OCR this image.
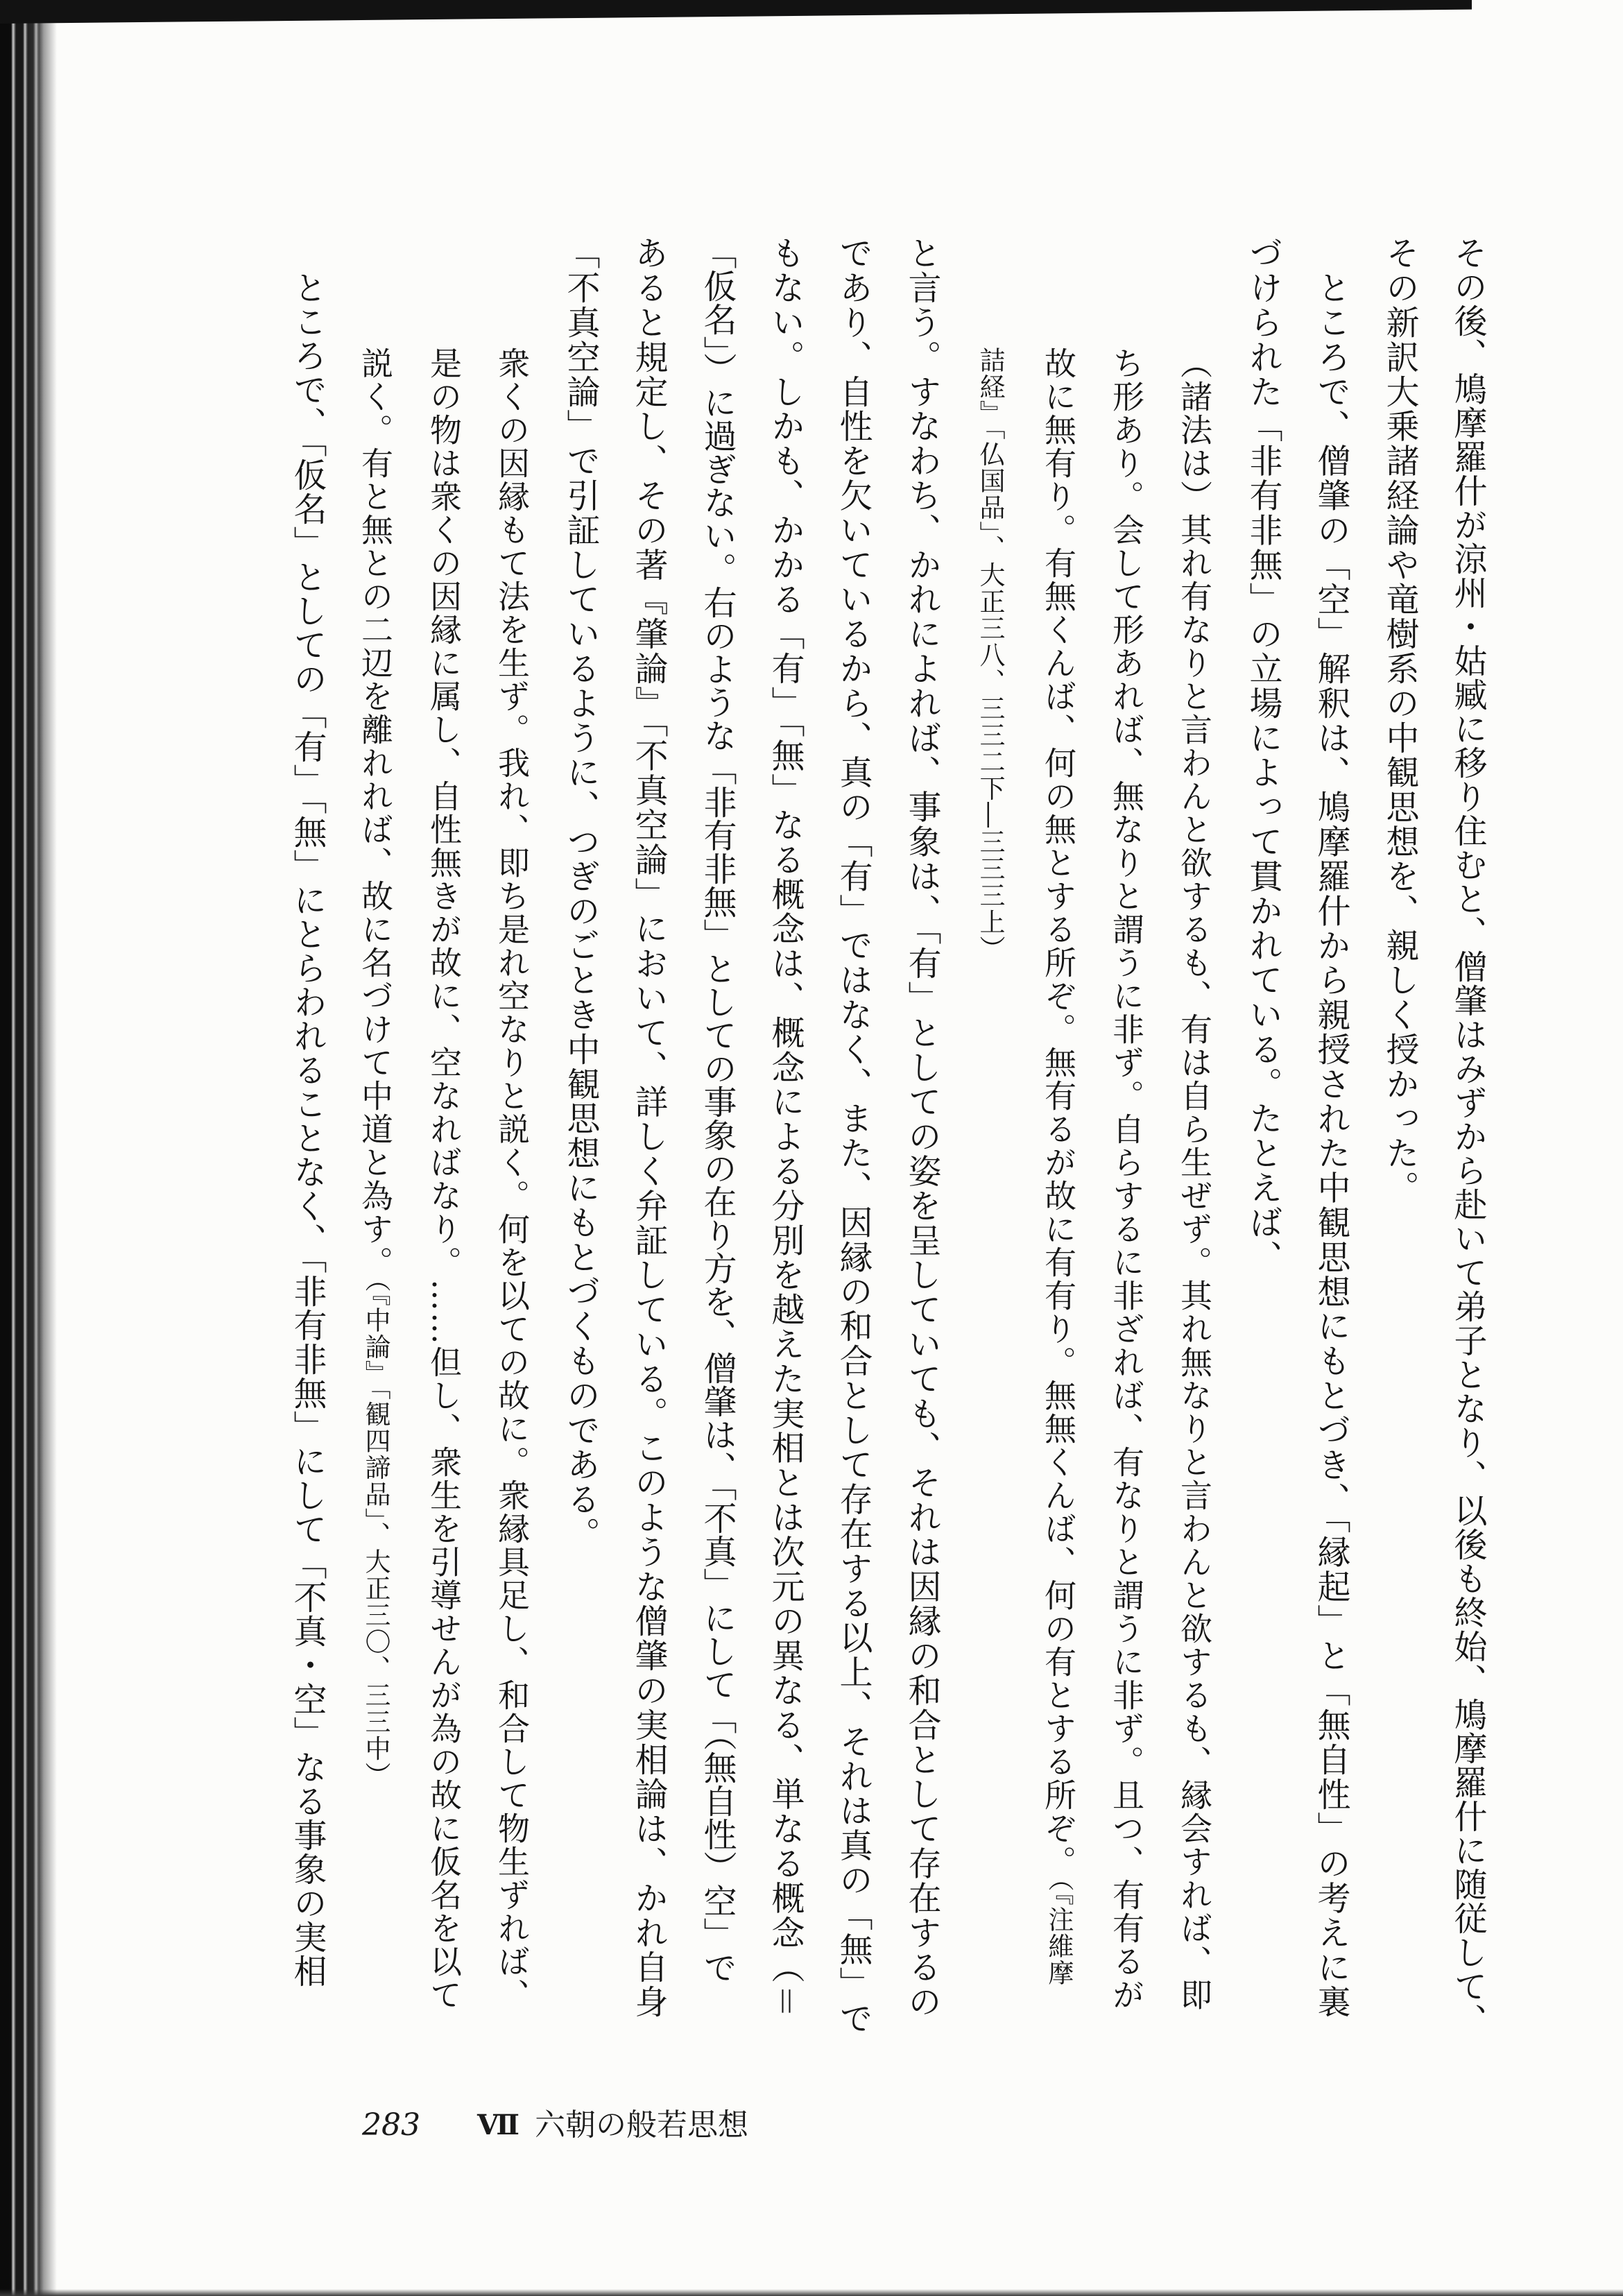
その後、鳩摩羅什が涼州・姑臧に移り住むと、僧肇はみずから赴いて弟子となり、以後も終始、鳩摩羅什に随従して、
その新訳大乗諸経論や竜樹系の中観思想を、親しく授かった。
ところで、僧肇の「空」解釈は、鳩摩羅什から親授された中観思想にもとづき、「縁起」と「無自性」の考えに裏
づけられた「非有非無」の立場によって貫かれている。たとえば、
（諸法は）其れ有なりと言わんと欲するも、有は自ら生ぜず。其れ無なりと言わんと欲するも、縁会すれば、即
ち形あり。会して形あれば、無なりと謂うに非ず。自らするに非ざれば、有なりと謂うに非ず。且つ、有有るが
故に無有り。有無くんば、何の無とする所ぞ。無有るが故に有有り。無無くんば、何の有とする所ぞ。（『注維摩
詰経』「仏国品」、大正三八、三三二下―三三三上）
と言う。すなわち、かれによれば、事象は、「有」としての姿を呈していても、それは因縁の和合として存在するの
であり、自性を欠いているから、真の「有」ではなく、また、因縁の和合として存在する以上、それは真の「無」で
もない。しかも、かかる「有」「無」なる概念は、概念による分別を越えた実相とは次元の異なる、単なる概念（＝
「仮名」）に過ぎない。右のような「非有非無」としての事象の在り方を、僧肇は、「不真」にして「（無自性）空」で
あると規定し、その著『肇論』「不真空論」において、詳しく弁証している。このような僧肇の実相論は、かれ自身
「不真空論」で引証しているように、つぎのごとき中観思想にもとづくものである。
衆くの因縁もて法を生ず。我れ、即ち是れ空なりと説く。何を以ての故に。衆縁具足し、和合して物生ずれば、
是の物は衆くの因縁に属し、自性無きが故に、空なればなり。……但し、衆生を引導せんが為の故に仮名を以て
説く。有と無との二辺を離れれば、故に名づけて中道と為す。（『中論』「観四諦品」、大正三〇、三三中）
ところで、「仮名」としての「有」「無」にとらわれることなく、「非有非無」にして「不真・空」なる事象の実相
283 Ⅶ 六朝の般若思想
